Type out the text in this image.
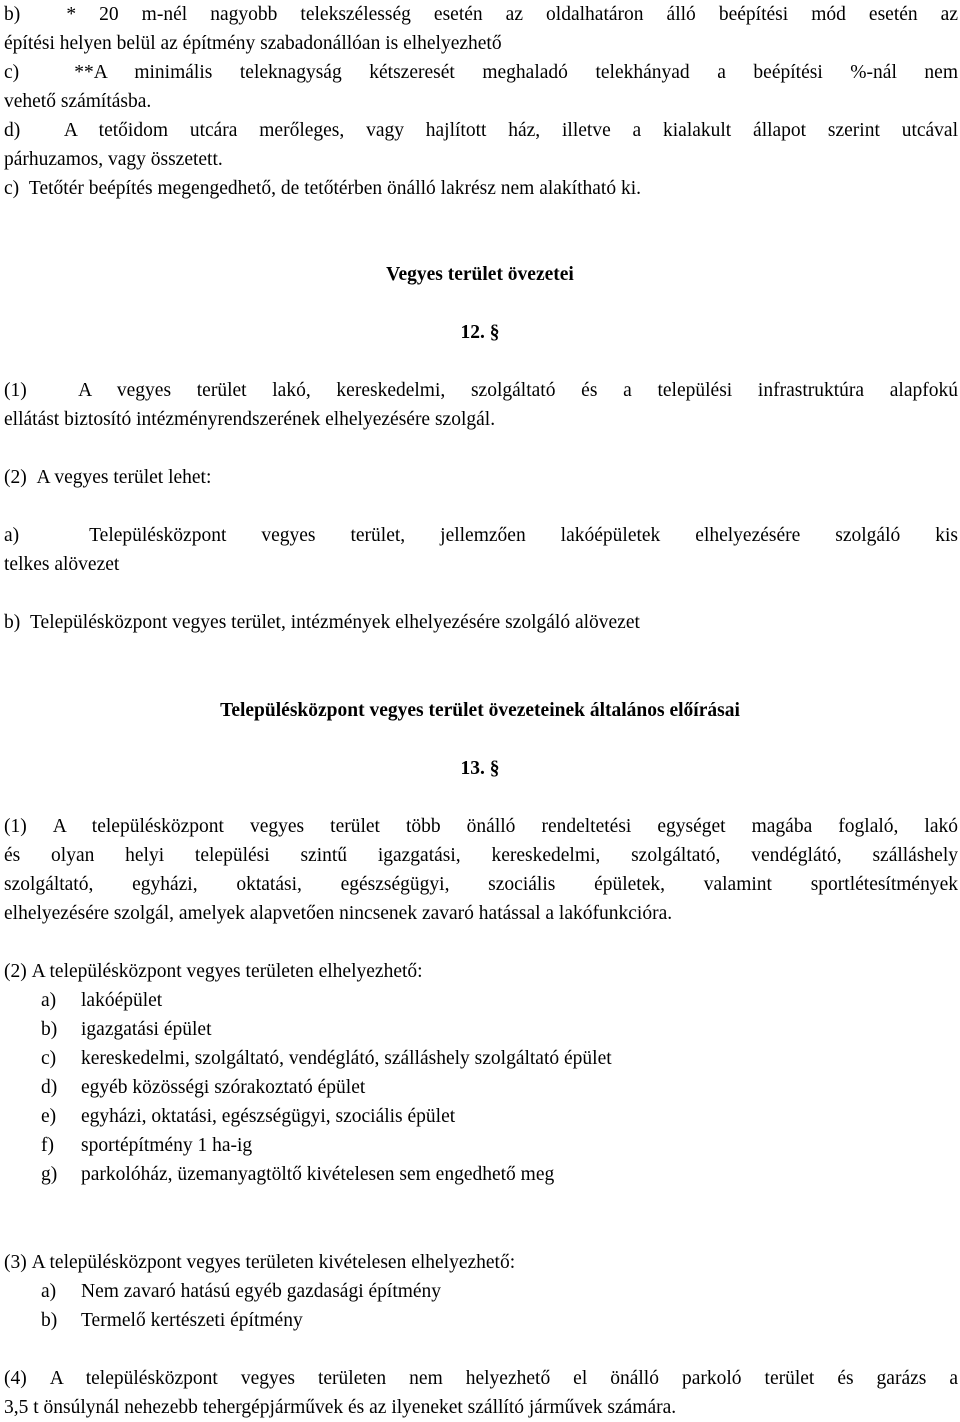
b)  * 20 m-nél nagyobb telekszélesség esetén az oldalhatáron álló beépítési mód esetén az
építési helyen belül az építmény szabadonállóan is elhelyezhető
c)  **A minimális teleknagyság kétszeresét meghaladó telekhányad a beépítési %-nál nem
vehető számításba.
d)  A tetőidom utcára merőleges, vagy hajlított ház, illetve a kialakult állapot szerint utcával
párhuzamos, vagy összetett.
c)  Tetőtér beépítés megengedhető, de tetőtérben önálló lakrész nem alakítható ki.
Vegyes terület övezetei
12. §
(1)  A vegyes terület lakó, kereskedelmi, szolgáltató és a települési infrastruktúra alapfokú
ellátást biztosító intézményrendszerének elhelyezésére szolgál.
(2)  A vegyes terület lehet:
a)  Településközpont vegyes terület, jellemzően lakóépületek elhelyezésére szolgáló kis
telkes alövezet
b)  Településközpont vegyes terület, intézmények elhelyezésére szolgáló alövezet
Településközpont vegyes terület övezeteinek általános előírásai
13. §
(1) A településközpont vegyes terület több önálló rendeltetési egységet magába foglaló, lakó
és olyan helyi települési szintű igazgatási, kereskedelmi, szolgáltató, vendéglátó, szálláshely
szolgáltató, egyházi, oktatási, egészségügyi, szociális épületek, valamint sportlétesítmények
elhelyezésére szolgál, amelyek alapvetően nincsenek zavaró hatással a lakófunkcióra.
(2) A településközpont vegyes területen elhelyezhető:
a) lakóépület
b) igazgatási épület
c) kereskedelmi, szolgáltató, vendéglátó, szálláshely szolgáltató épület
d) egyéb közösségi szórakoztató épület
e) egyházi, oktatási, egészségügyi, szociális épület
f) sportépítmény 1 ha-ig
g) parkolóház, üzemanyagtöltő kivételesen sem engedhető meg
(3) A településközpont vegyes területen kivételesen elhelyezhető:
a) Nem zavaró hatású egyéb gazdasági építmény
b) Termelő kertészeti építmény
(4) A településközpont vegyes területen nem helyezhető el önálló parkoló terület és garázs a
3,5 t önsúlynál nehezebb tehergépjárművek és az ilyeneket szállító járművek számára.
